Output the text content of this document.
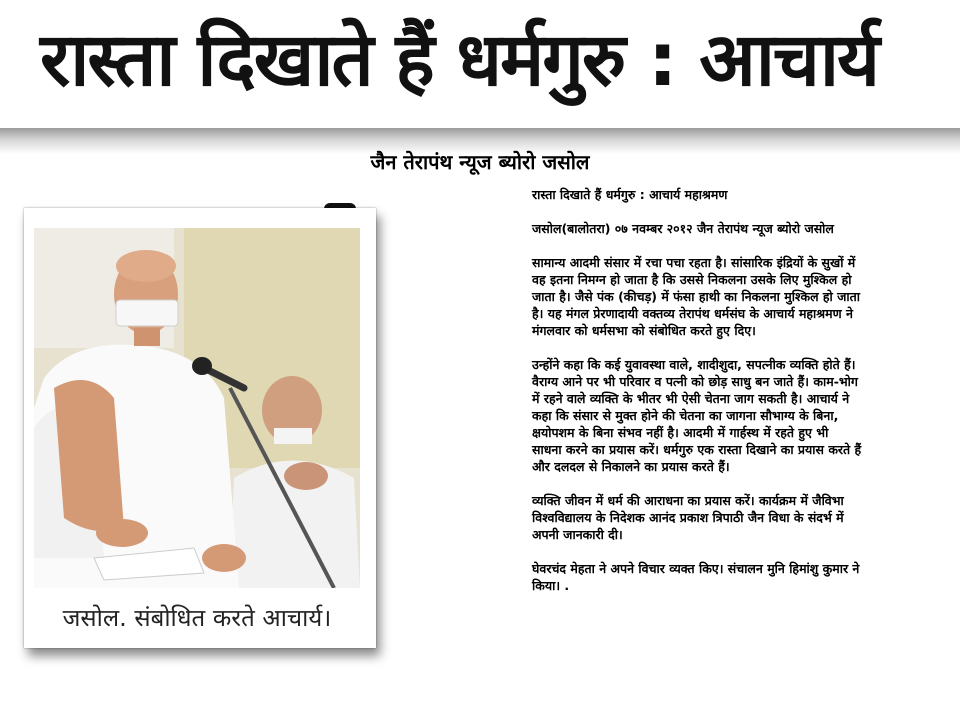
रास्ता दिखाते हैं धर्मगुरु : आचार्य
जैन तेरापंथ न्यूज ब्योरो जसोल
जसोल. संबोधित करते आचार्य।

रास्ता दिखाते हैं धर्मगुरु : आचार्य महाश्रमण

जसोल(बालोतरा) ०७ नवम्बर २०१२ जैन तेरापंथ न्यूज ब्योरो जसोल

सामान्य आदमी संसार में रचा पचा रहता है। सांसारिक इंद्रियों के सुखों में वह इतना निमग्न हो जाता है कि उससे निकलना उसके लिए मुश्किल हो जाता है। जैसे पंक (कीचड़) में फंसा हाथी का निकलना मुश्किल हो जाता है। यह मंगल प्रेरणादायी वक्तव्य तेरापंथ धर्मसंघ के आचार्य महाश्रमण ने मंगलवार को धर्मसभा को संबोधित करते हुए दिए।

उन्होंने कहा कि कई युवावस्था वाले, शादीशुदा, सपत्नीक व्यक्ति होते हैं। वैराग्य आने पर भी परिवार व पत्नी को छोड़ साधु बन जाते हैं। काम-भोग में रहने वाले व्यक्ति के भीतर भी ऐसी चेतना जाग सकती है। आचार्य ने कहा कि संसार से मुक्त होने की चेतना का जागना सौभाग्य के बिना, क्षयोपशम के बिना संभव नहीं है। आदमी में गार्हस्थ में रहते हुए भी साधना करने का प्रयास करें। धर्मगुरु एक रास्ता दिखाने का प्रयास करते हैं और दलदल से निकालने का प्रयास करते हैं।

व्यक्ति जीवन में धर्म की आराधना का प्रयास करें। कार्यक्रम में जैविभा विश्वविद्यालय के निदेशक आनंद प्रकाश त्रिपाठी जैन विधा के संदर्भ में अपनी जानकारी दी।

घेवरचंद मेहता ने अपने विचार व्यक्त किए। संचालन मुनि हिमांशु कुमार ने किया। .
